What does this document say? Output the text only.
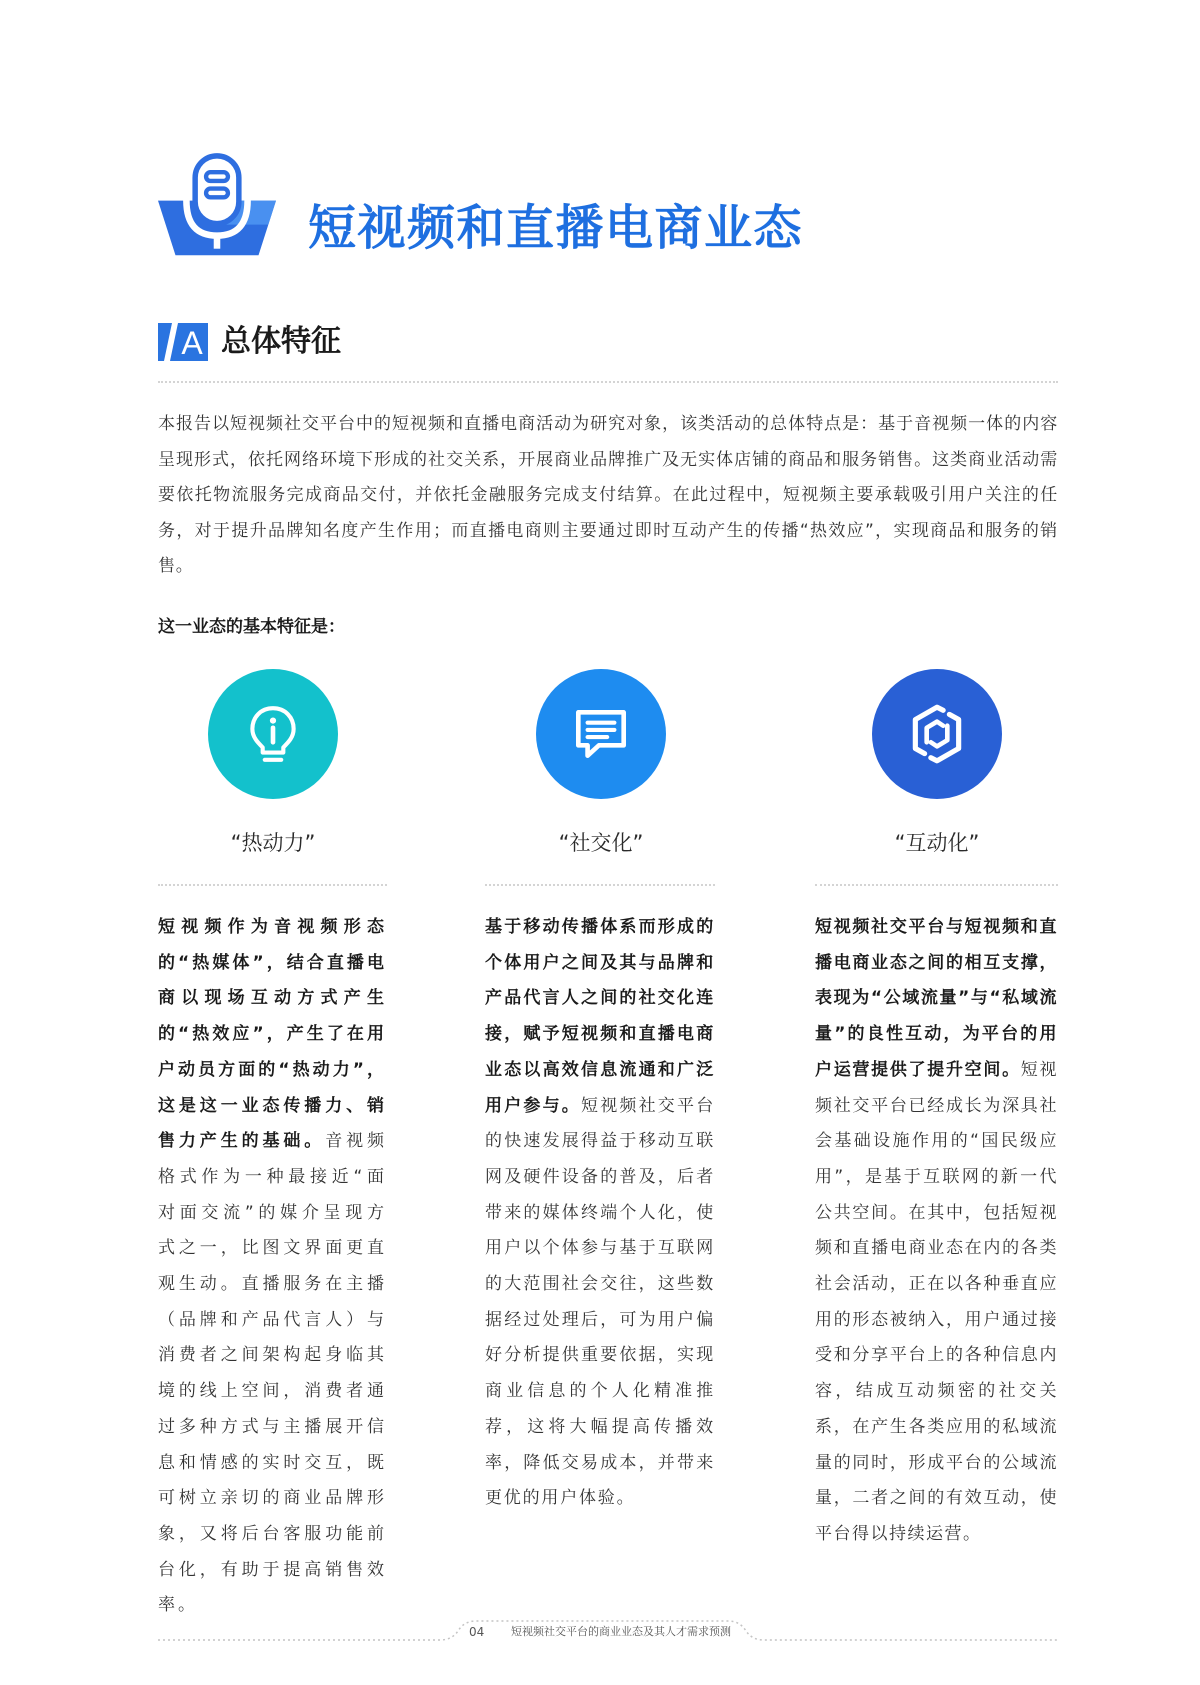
短视频和直播电商业态
A 总体特征

本报告以短视频社交平台中的短视频和直播电商活动为研究对象，该类活动的总体特点是：基于音视频一体的内容呈现形式，依托网络环境下形成的社交关系，开展商业品牌推广及无实体店铺的商品和服务销售。这类商业活动需要依托物流服务完成商品交付，并依托金融服务完成支付结算。在此过程中，短视频主要承载吸引用户关注的任务，对于提升品牌知名度产生作用；而直播电商则主要通过即时互动产生的传播“热效应”，实现商品和服务的销售。

这一业态的基本特征是：

“热动力”	“社交化”	“互动化”

短视频作为音视频形态的“热媒体”，结合直播电商以现场互动方式产生的“热效应”，产生了在用户动员方面的“热动力”，这是这一业态传播力、销售力产生的基础。音视频格式作为一种最接近“面对面交流”的媒介呈现方式之一，比图文界面更直观生动。直播服务在主播（品牌和产品代言人）与消费者之间架构起身临其境的线上空间，消费者通过多种方式与主播展开信息和情感的实时交互，既可树立亲切的商业品牌形象，又将后台客服功能前台化，有助于提高销售效率。

基于移动传播体系而形成的个体用户之间及其与品牌和产品代言人之间的社交化连接，赋予短视频和直播电商业态以高效信息流通和广泛用户参与。短视频社交平台的快速发展得益于移动互联网及硬件设备的普及，后者带来的媒体终端个人化，使用户以个体参与基于互联网的大范围社会交往，这些数据经过处理后，可为用户偏好分析提供重要依据，实现商业信息的个人化精准推荐，这将大幅提高传播效率，降低交易成本，并带来更优的用户体验。

短视频社交平台与短视频和直播电商业态之间的相互支撑，表现为“公域流量”与“私域流量”的良性互动，为平台的用户运营提供了提升空间。短视频社交平台已经成长为深具社会基础设施作用的“国民级应用”，是基于互联网的新一代公共空间。在其中，包括短视频和直播电商业态在内的各类社会活动，正在以各种垂直应用的形态被纳入，用户通过接受和分享平台上的各种信息内容，结成互动频密的社交关系，在产生各类应用的私域流量的同时，形成平台的公域流量，二者之间的有效互动，使平台得以持续运营。

04 短视频社交平台的商业业态及其人才需求预测
